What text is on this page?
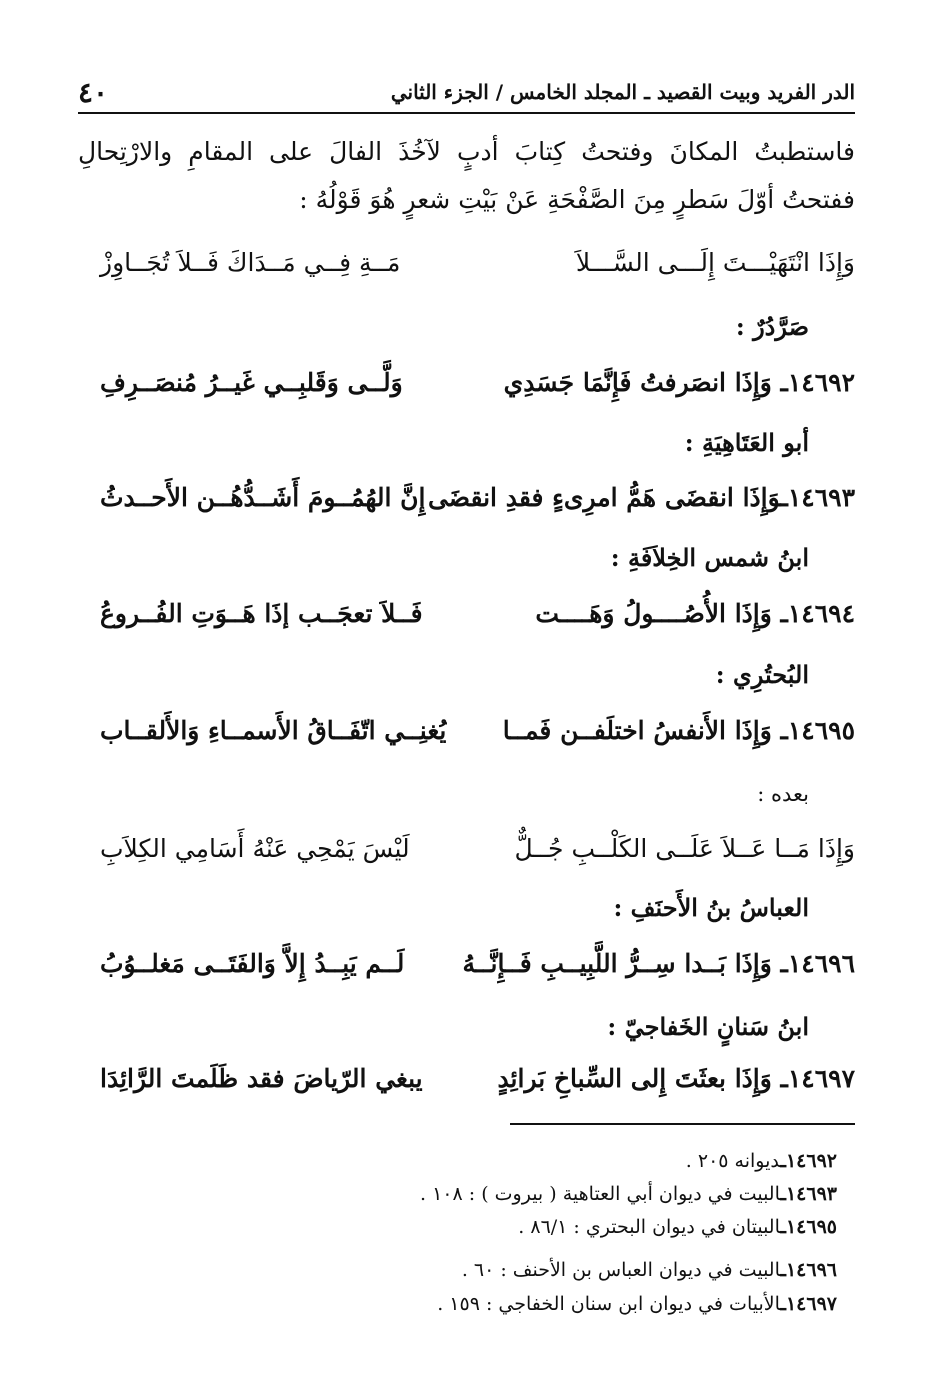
الدر الفريد وبيت القصيد ـ المجلد الخامس / الجزء الثاني
٤٠

فاستطبتُ المكانَ وفتحتُ كِتابَ أدبٍ لآخُذَ الفالَ على المقامِ والارْتِحالِ ففتحتُ أوّلَ سَطرٍ مِنَ الصَّفْحَةِ عَنْ بَيْتِ شعرٍ هُوَ قَوْلُهُ :

وَإِذَا انْتَهَيْـــتَ إِلَـــى السَّـــلاَ
مَــةِ فِــي مَــدَاكَ فَــلاَ تُجَــاوِزْ
صَرَّدُرٌ :
١٤٦٩٢ـ وَإِذَا انصَرفتُ فَإِنَّمَا جَسَدِي
وَلَّــى وَقَلبِــي غَيــرُ مُنصَــرِفِ
أبو العَتَاهِيَةِ :
١٤٦٩٣ـوَإِذَا انقضَى هَمُّ امرِىءٍ فقدِ انقضَى
إِنَّ الهُمُــومَ أَشَــدُّهُــن الأَحــدثُ
ابنُ شمس الخِلاَفَةِ :
١٤٦٩٤ـ وَإِذَا الأُصُــــولُ وَهَــــت
فَــلاَ تعجَــب إذَا هَــوَتِ الفُــروعُ
البُحتُرِي :
١٤٦٩٥ـ وَإِذَا الأَنفسُ اختلَفــن فَمــا
يُغنِــي اتّفَــاقُ الأَسمــاءِ وَالأَلقــاب
بعده :
وَإِذَا مَــا عَــلاَ عَلَــى الكَلْــبِ جُــلٌّ
لَيْسَ يَمْحِي عَنْهُ أَسَامِي الكِلاَبِ
العباسُ بنُ الأَحنَفِ :
١٤٦٩٦ـ وَإِذَا بَــدا سِــرُّ اللَّبِيــبِ فَــإِنَّــهُ
لَــم يَبِــدُ إِلاَّ وَالفَتَــى مَغلــوُبُ
ابنُ سَنانٍ الخَفاجيّ :
١٤٦٩٧ـ وَإِذَا بعثَتَ إِلى السِّباخِ بَرائِدٍ
يبغي الرّياضَ فقد ظَلَمتَ الرَّائِدَا
١٤٦٩٢ـديوانه ٢٠٥ .
١٤٦٩٣ـالبيت في ديوان أبي العتاهية ( بيروت ) : ١٠٨ .
١٤٦٩٥ـالبيتان في ديوان البحتري : ٨٦/١ .
١٤٦٩٦ـالبيت في ديوان العباس بن الأحنف : ٦٠ .
١٤٦٩٧ـالأبيات في ديوان ابن سنان الخفاجي : ١٥٩ .
